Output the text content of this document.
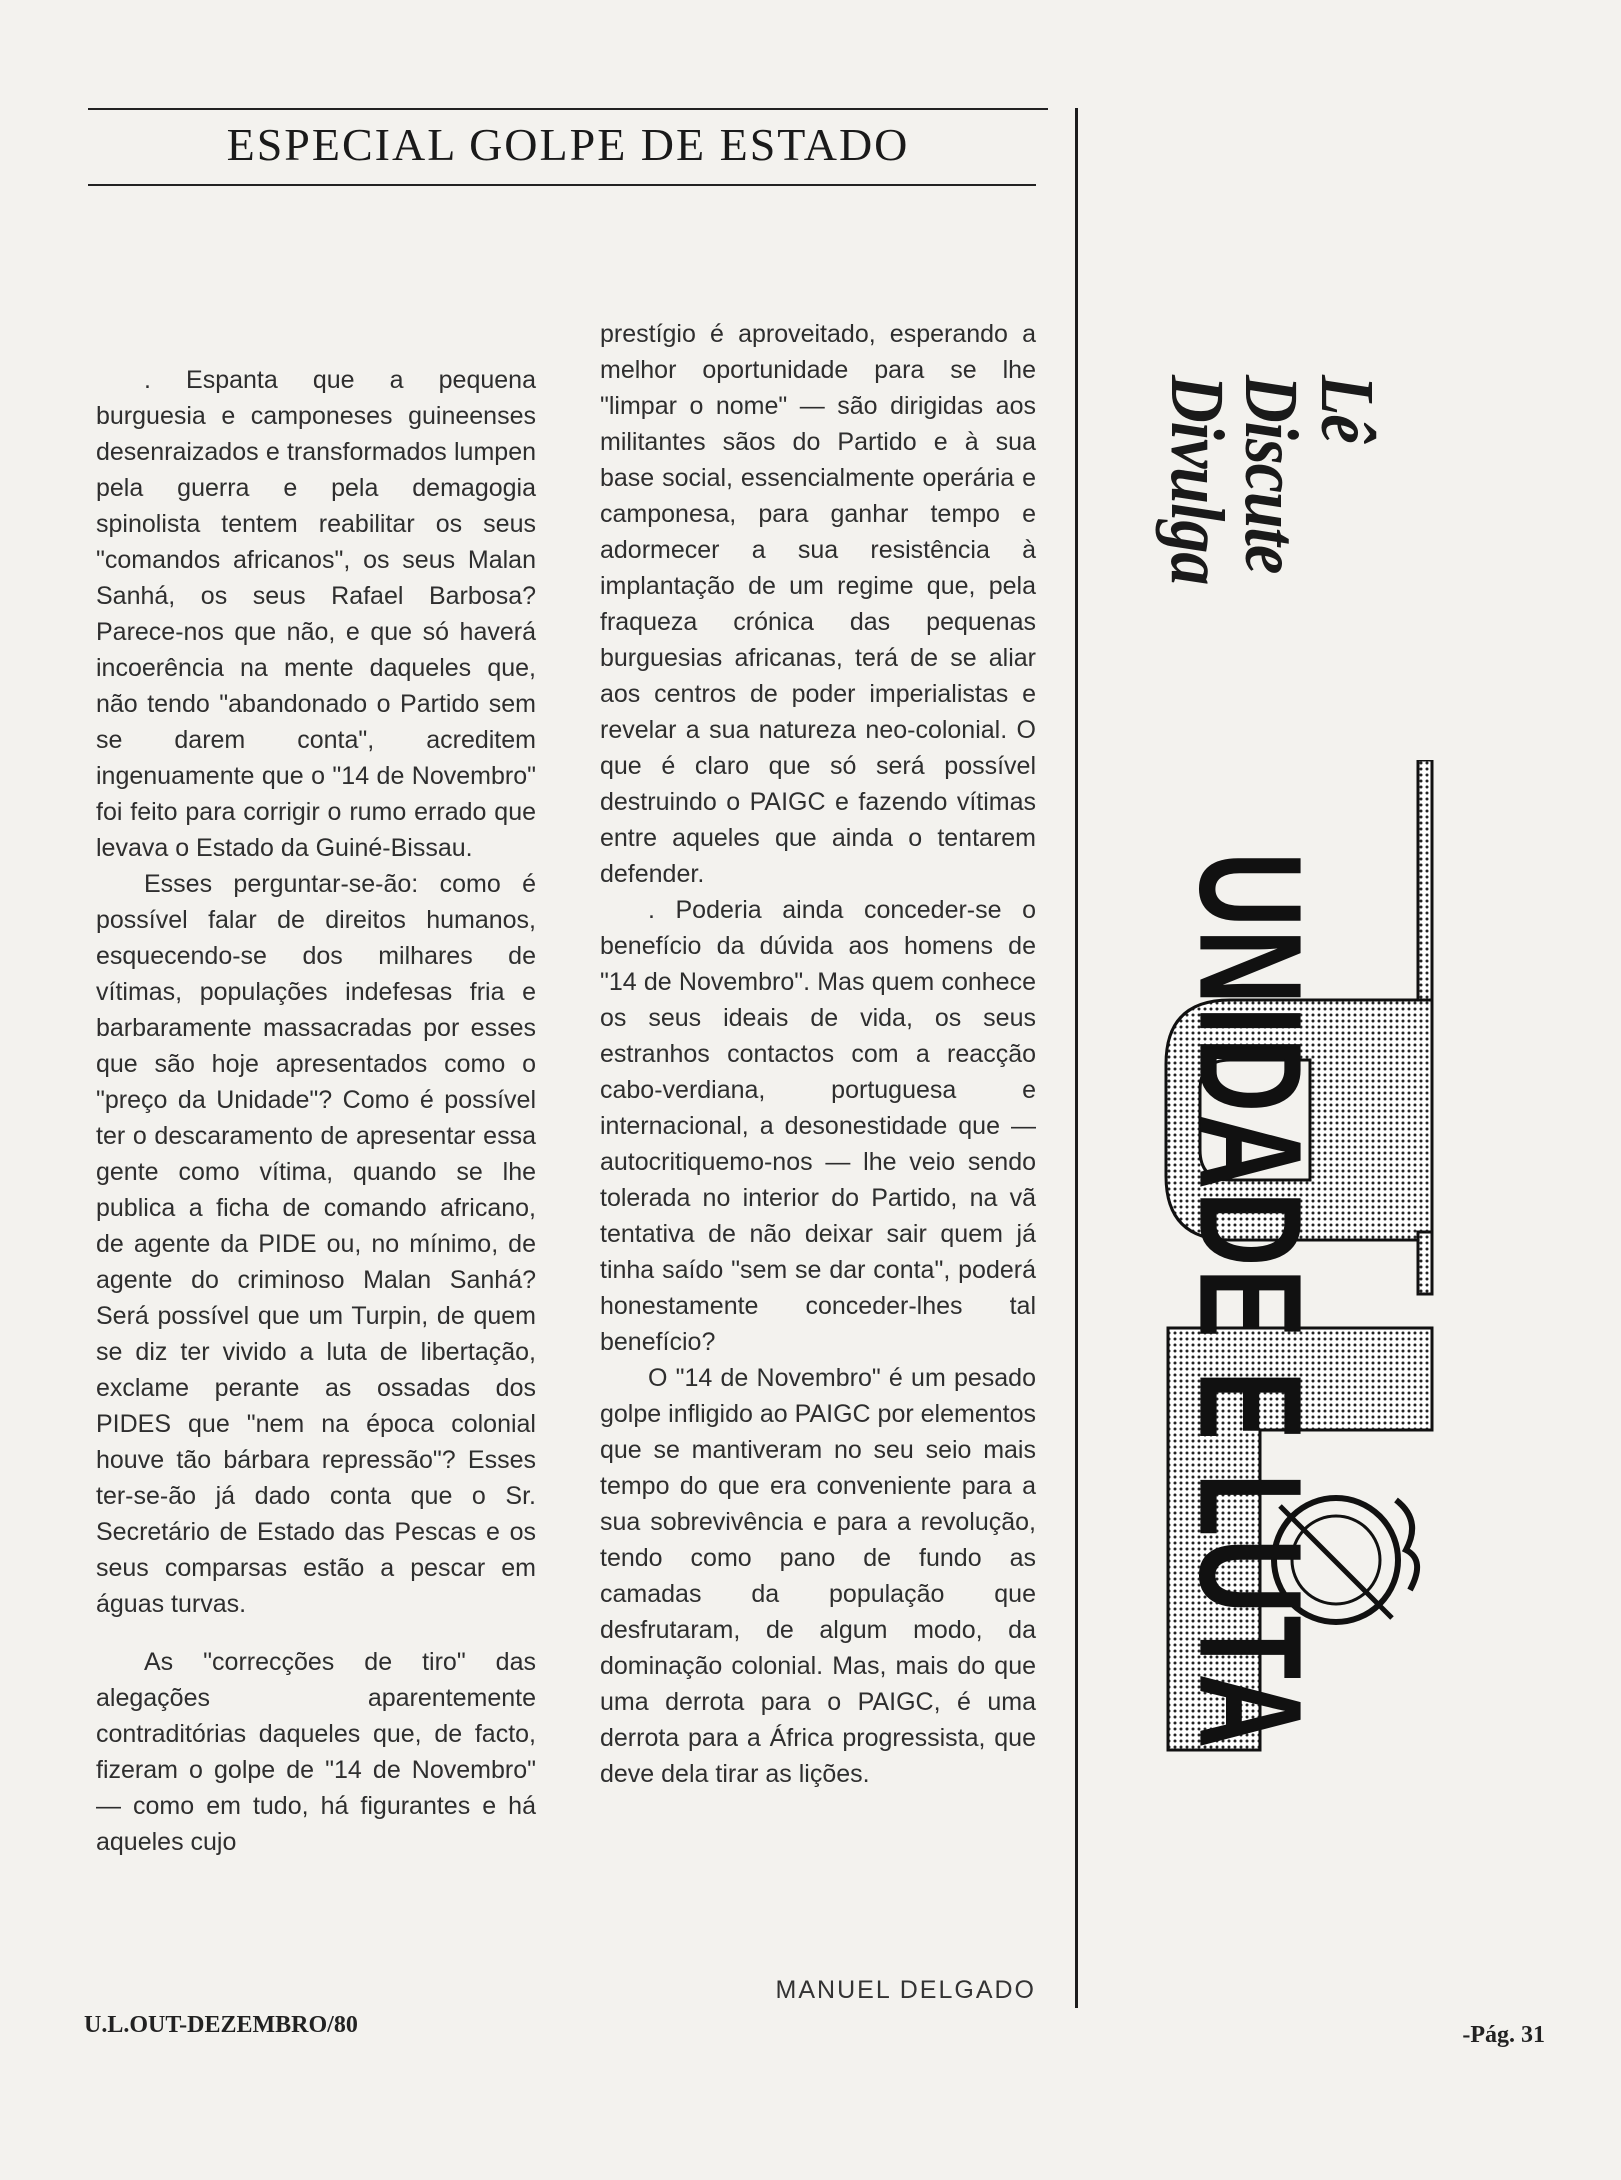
ESPECIAL GOLPE DE ESTADO

. Espanta que a pequena burguesia e camponeses guineenses desenraizados e transformados lumpen pela guerra e pela demagogia spinolista tentem reabilitar os seus "comandos africanos", os seus Malan Sanhá, os seus Rafael Barbosa? Parece-nos que não, e que só haverá incoerência na mente daqueles que, não tendo "abandonado o Partido sem se darem conta", acreditem ingenuamente que o "14 de Novembro" foi feito para corrigir o rumo errado que levava o Estado da Guiné-Bissau.

Esses perguntar-se-ão: como é possível falar de direitos humanos, esquecendo-se dos milhares de vítimas, populações indefesas fria e barbaramente massacradas por esses que são hoje apresentados como o "preço da Unidade"? Como é possível ter o descaramento de apresentar essa gente como vítima, quando se lhe publica a ficha de comando africano, de agente da PIDE ou, no mínimo, de agente do criminoso Malan Sanhá? Será possível que um Turpin, de quem se diz ter vivido a luta de libertação, exclame perante as ossadas dos PIDES que "nem na época colonial houve tão bárbara repressão"? Esses ter-se-ão já dado conta que o Sr. Secretário de Estado das Pescas e os seus comparsas estão a pescar em águas turvas.

As "correcções de tiro" das alegações aparentemente contraditórias daqueles que, de facto, fizeram o golpe de "14 de Novembro" — como em tudo, há figurantes e há aqueles cujo

prestígio é aproveitado, esperando a melhor oportunidade para se lhe "limpar o nome" — são dirigidas aos militantes sãos do Partido e à sua base social, essencialmente operária e camponesa, para ganhar tempo e adormecer a sua resistência à implantação de um regime que, pela fraqueza crónica das pequenas burguesias africanas, terá de se aliar aos centros de poder imperialistas e revelar a sua natureza neo-colonial. O que é claro que só será possível destruindo o PAIGC e fazendo vítimas entre aqueles que ainda o tentarem defender.

. Poderia ainda conceder-se o benefício da dúvida aos homens de "14 de Novembro". Mas quem conhece os seus ideais de vida, os seus estranhos contactos com a reacção cabo-verdiana, portuguesa e internacional, a desonestidade que — autocritiquemo-nos — lhe veio sendo tolerada no interior do Partido, na vã tentativa de não deixar sair quem já tinha saído "sem se dar conta", poderá honestamente conceder-lhes tal benefício?

O "14 de Novembro" é um pesado golpe infligido ao PAIGC por elementos que se mantiveram no seu seio mais tempo do que era conveniente para a sua sobrevivência e para a revolução, tendo como pano de fundo as camadas da população que desfrutaram, de algum modo, da dominação colonial. Mas, mais do que uma derrota para o PAIGC, é uma derrota para a África progressista, que deve dela tirar as lições.

MANUEL DELGADO
Lê
Discute
Divulga
UNIDADE E LUTA
U.L.OUT-DEZEMBRO/80	-Pág. 31
